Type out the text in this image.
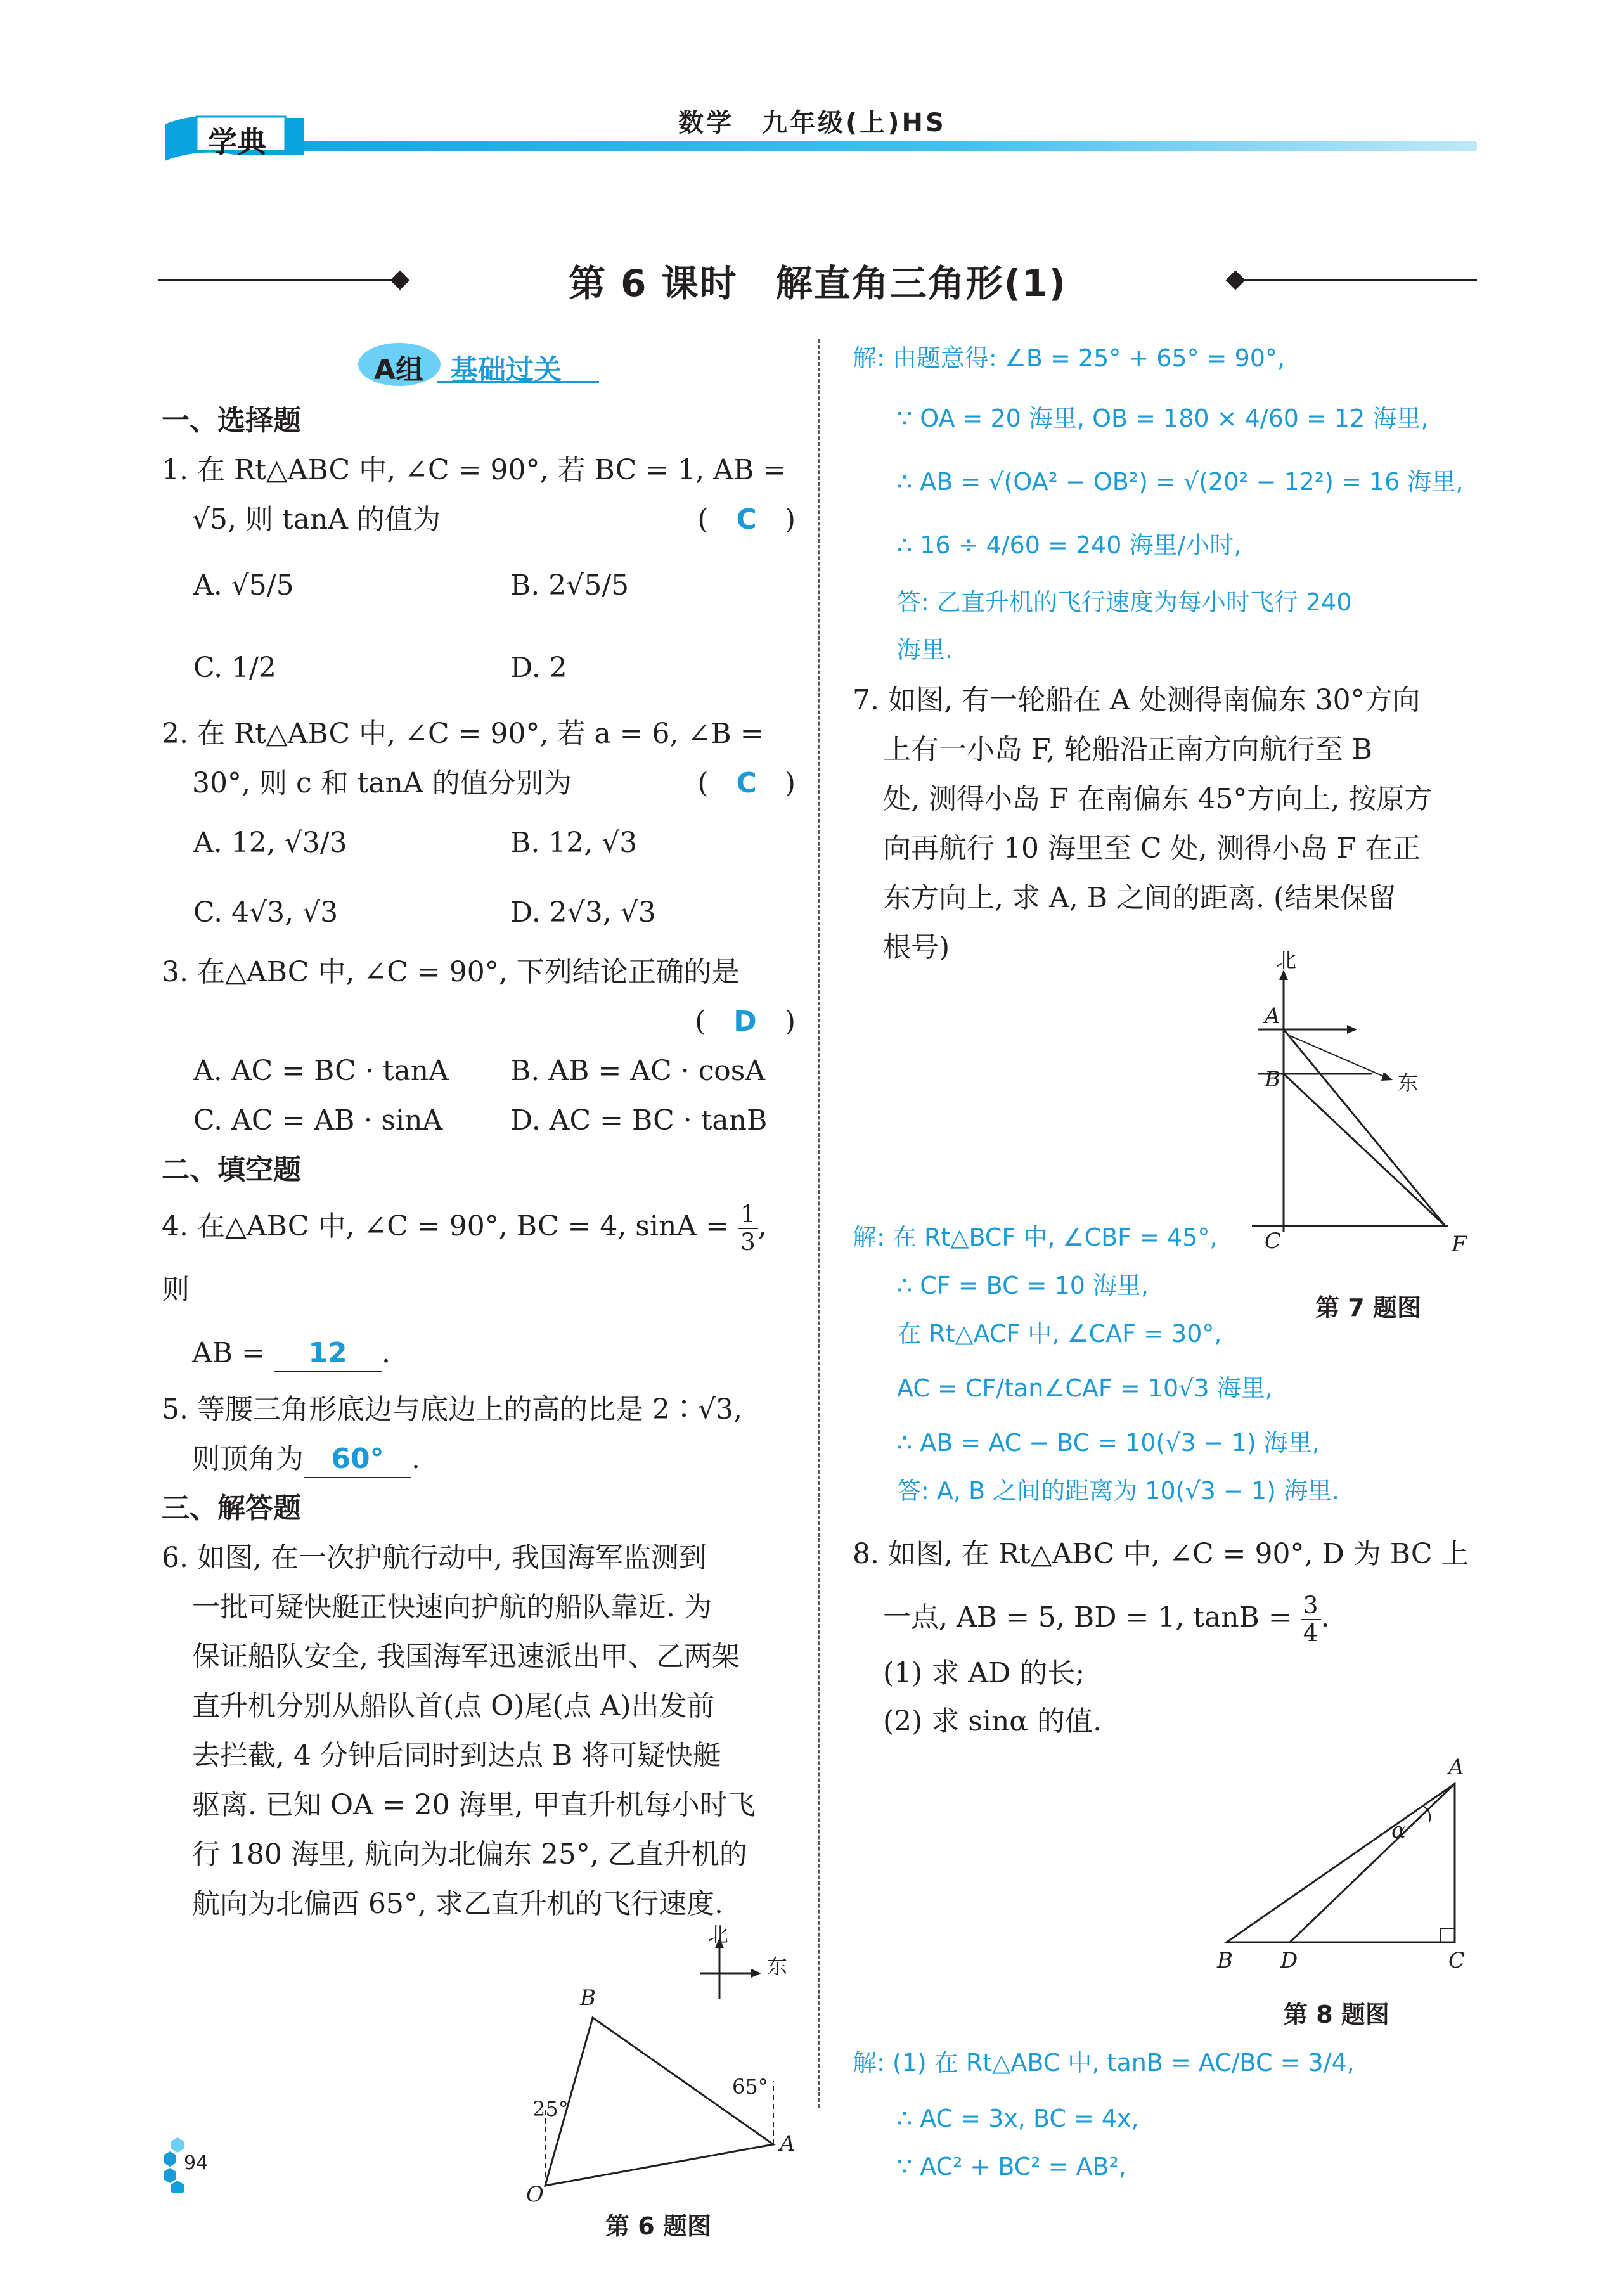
学典
XUEDIAN
数学　九年级(上)HS
第 6 课时　解直角三角形(1)
A组 基础过关
一、选择题
1. 在 Rt△ABC 中, ∠C = 90°, 若 BC = 1, AB =
√5, 则 tanA 的值为	(　C　)
A. √5/5	B. 2√5/5
C. 1/2	D. 2
2. 在 Rt△ABC 中, ∠C = 90°, 若 a = 6, ∠B =
30°, 则 c 和 tanA 的值分别为	(　C　)
A. 12, √3/3	B. 12, √3
C. 4√3, √3	D. 2√3, √3
3. 在△ABC 中, ∠C = 90°, 下列结论正确的是
(　D　)
A. AC = BC · tanA	B. AB = AC · cosA
C. AC = AB · sinA	D. AC = BC · tanB
二、填空题
4. 在△ABC 中, ∠C = 90°, BC = 4, $\sin A = \frac{1}{3}$ , 则
AB = 12 .
5. 等腰三角形底边与底边上的高的比是 2∶√3,
则顶角为 60° .
三、解答题
6. 如图, 在一次护航行动中, 我国海军监测到
一批可疑快艇正快速向护航的船队靠近. 为
保证船队安全, 我国海军迅速派出甲、乙两架
直升机分别从船队首(点 O)尾(点 A)出发前
去拦截, 4 分钟后同时到达点 B 将可疑快艇
驱离. 已知 OA = 20 海里, 甲直升机每小时飞
行 180 海里, 航向为北偏东 25°, 乙直升机的
航向为北偏西 65°, 求乙直升机的飞行速度.
北
东
B
O
A
25°
65°
第 6 题图
解: 由题意得: ∠B = 25° + 65° = 90°,
∵ OA = 20 海里, OB = 180 × 4/60 = 12 海里,
∴ AB = √(OA² − OB²) = √(20² − 12²) = 16 海里,
∴ 16 ÷ 4/60 = 240 海里/小时,
答: 乙直升机的飞行速度为每小时飞行 240
海里.
7. 如图, 有一轮船在 A 处测得南偏东 30°方向
上有一小岛 F, 轮船沿正南方向航行至 B
处, 测得小岛 F 在南偏东 45°方向上, 按原方
向再航行 10 海里至 C 处, 测得小岛 F 在正
东方向上, 求 A, B 之间的距离. (结果保留
根号)	北
A
东
B
C	F
第 7 题图
解: 在 Rt△BCF 中, ∠CBF = 45°,
∴ CF = BC = 10 海里,
在 Rt△ACF 中, ∠CAF = 30°,
AC = CF/tan∠CAF = 10√3 海里,
∴ AB = AC − BC = 10(√3 − 1) 海里,
答: A, B 之间的距离为 10(√3 − 1) 海里.
8. 如图, 在 Rt△ABC 中, ∠C = 90°, D 为 BC 上
一点, AB = 5, BD = 1, $\tan B = \frac{3}{4}$ .
(1) 求 AD 的长;
(2) 求 sinα 的值.
A
B D	C
α
第 8 题图
解: (1) 在 Rt△ABC 中, tanB = AC/BC = 3/4,
∴ AC = 3x, BC = 4x,
∵ AC² + BC² = AB²,
94
